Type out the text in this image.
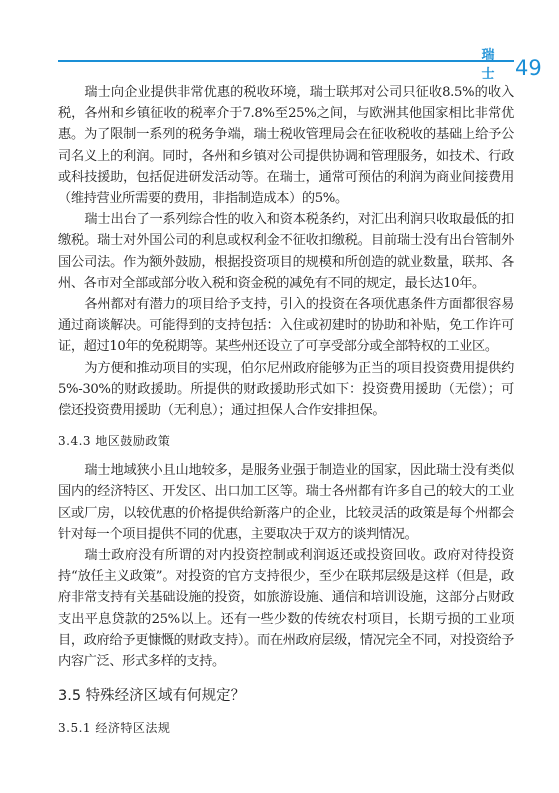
瑞 士 49

瑞士向企业提供非常优惠的税收环境，瑞士联邦对公司只征收8.5%的收入税，各州和乡镇征收的税率介于7.8%至25%之间，与欧洲其他国家相比非常优惠。为了限制一系列的税务争端，瑞士税收管理局会在征收税收的基础上给予公司名义上的利润。同时，各州和乡镇对公司提供协调和管理服务，如技术、行政或科技援助，包括促进研发活动等。在瑞士，通常可预估的利润为商业间接费用（维持营业所需要的费用，非指制造成本）的5%。

瑞士出台了一系列综合性的收入和资本税条约，对汇出利润只收取最低的扣缴税。瑞士对外国公司的利息或权利金不征收扣缴税。目前瑞士没有出台管制外国公司法。作为额外鼓励，根据投资项目的规模和所创造的就业数量，联邦、各州、各市对全部或部分收入税和资金税的减免有不同的规定，最长达10年。

各州都对有潜力的项目给予支持，引入的投资在各项优惠条件方面都很容易通过商谈解决。可能得到的支持包括：入住或初建时的协助和补贴，免工作许可证，超过10年的免税期等。某些州还设立了可享受部分或全部特权的工业区。

为方便和推动项目的实现，伯尔尼州政府能够为正当的项目投资费用提供约5%-30%的财政援助。所提供的财政援助形式如下：投资费用援助（无偿）；可偿还投资费用援助（无利息）；通过担保人合作安排担保。

3.4.3 地区鼓励政策

瑞士地域狭小且山地较多，是服务业强于制造业的国家，因此瑞士没有类似国内的经济特区、开发区、出口加工区等。瑞士各州都有许多自己的较大的工业区或厂房，以较优惠的价格提供给新落户的企业，比较灵活的政策是每个州都会针对每一个项目提供不同的优惠，主要取决于双方的谈判情况。

瑞士政府没有所谓的对内投资控制或利润返还或投资回收。政府对待投资持“放任主义政策”。对投资的官方支持很少，至少在联邦层级是这样（但是，政府非常支持有关基础设施的投资，如旅游设施、通信和培训设施，这部分占财政支出平息贷款的25%以上。还有一些少数的传统农村项目，长期亏损的工业项目，政府给予更慷慨的财政支持）。而在州政府层级，情况完全不同，对投资给予内容广泛、形式多样的支持。

3.5 特殊经济区域有何规定？
3.5.1 经济特区法规
